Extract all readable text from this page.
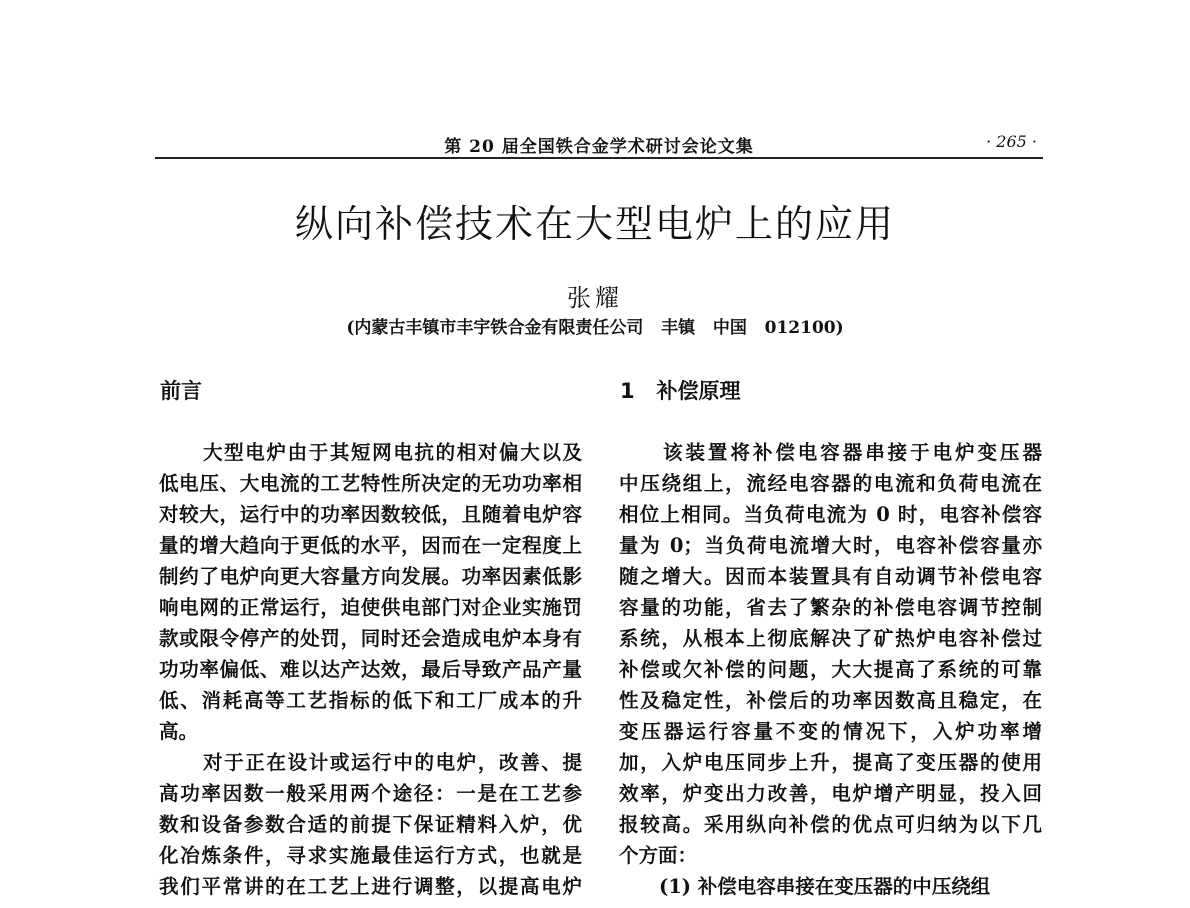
第 20 届全国铁合金学术研讨会论文集	· 265 ·
纵向补偿技术在大型电炉上的应用
张耀
(内蒙古丰镇市丰宇铁合金有限责任公司   丰镇   中国   012100)
前言	1   补偿原理
大型电炉由于其短网电抗的相对偏大以及
低电压、大电流的工艺特性所决定的无功功率相
对较大，运行中的功率因数较低，且随着电炉容
量的增大趋向于更低的水平，因而在一定程度上
制约了电炉向更大容量方向发展。功率因素低影
响电网的正常运行，迫使供电部门对企业实施罚
款或限令停产的处罚，同时还会造成电炉本身有
功功率偏低、难以达产达效，最后导致产品产量
低、消耗高等工艺指标的低下和工厂成本的升
高。
对于正在设计或运行中的电炉，改善、提
高功率因数一般采用两个途径：一是在工艺参
数和设备参数合适的前提下保证精料入炉，优
化冶炼条件，寻求实施最佳运行方式，也就是
我们平常讲的在工艺上进行调整，以提高电炉
该装置将补偿电容器串接于电炉变压器
中压绕组上，流经电容器的电流和负荷电流在
相位上相同。当负荷电流为 0 时，电容补偿容
量为 0；当负荷电流增大时，电容补偿容量亦
随之增大。因而本装置具有自动调节补偿电容
容量的功能，省去了繁杂的补偿电容调节控制
系统，从根本上彻底解决了矿热炉电容补偿过
补偿或欠补偿的问题，大大提高了系统的可靠
性及稳定性，补偿后的功率因数高且稳定，在
变压器运行容量不变的情况下，入炉功率增
加，入炉电压同步上升，提高了变压器的使用
效率，炉变出力改善，电炉增产明显，投入回
报较高。采用纵向补偿的优点可归纳为以下几
个方面：
(1) 补偿电容串接在变压器的中压绕组
